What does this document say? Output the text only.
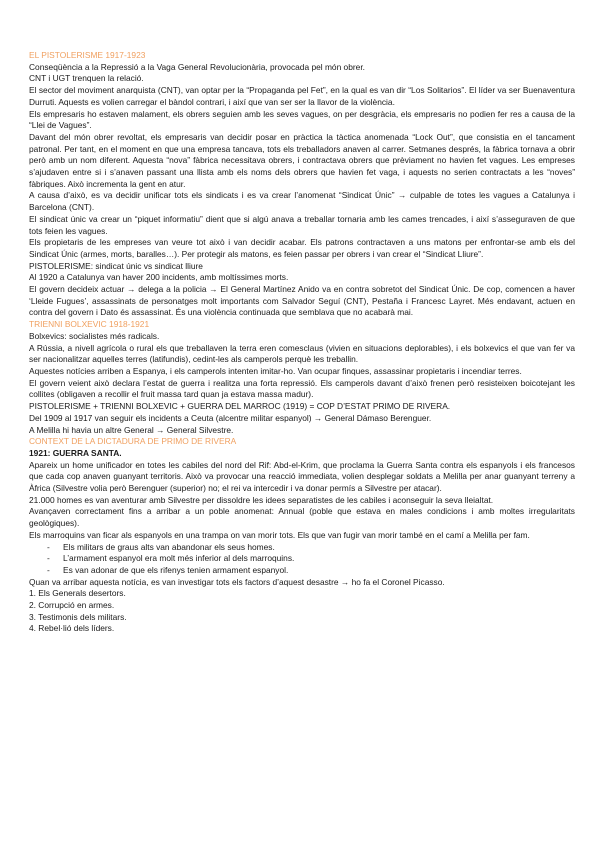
EL PISTOLERISME 1917-1923

Conseqüència a la Repressió a la Vaga General Revolucionària, provocada pel món obrer.

CNT i UGT trenquen la relació.

El sector del moviment anarquista (CNT), van optar per la “Propaganda pel Fet”, en la qual es van dir “Los Solitarios”. El líder va ser Buenaventura Durruti. Aquests es volien carregar el bàndol contrari, i així que van ser ser la llavor de la violència.

Els empresaris ho estaven malament, els obrers seguien amb les seves vagues, on per desgràcia, els empresaris no podien fer res a causa de la “Llei de Vagues”.

Davant del món obrer revoltat, els empresaris van decidir posar en pràctica la tàctica anomenada “Lock Out”, que consistia en el tancament patronal. Per tant, en el moment en que una empresa tancava, tots els treballadors anaven al carrer. Setmanes després, la fàbrica tornava a obrir però amb un nom diferent. Aquesta “nova” fàbrica necessitava obrers, i contractava obrers que prèviament no havien fet vagues. Les empreses s’ajudaven entre si i s’anaven passant una llista amb els noms dels obrers que havien fet vaga, i aquests no serien contractats a les “noves” fàbriques. Això incrementa la gent en atur.

A causa d’això, es va decidir unificar tots els sindicats i es va crear l’anomenat “Sindicat Únic” → culpable de totes les vagues a Catalunya i Barcelona (CNT).

El sindicat únic va crear un “piquet informatiu” dient que si algú anava a treballar tornaria amb les cames trencades, i així s’asseguraven de que tots feien les vagues.

Els propietaris de les empreses van veure tot això i van decidir acabar. Els patrons contractaven a uns matons per enfrontar-se amb els del Sindicat Únic (armes, morts, baralles…). Per protegir als matons, es feien passar per obrers i van crear el “Sindicat Lliure”.

PISTOLERISME: sindicat únic vs sindicat lliure

Al 1920 a Catalunya van haver 200 incidents, amb moltíssimes morts.

El govern decideix actuar → delega a la policia → El General Martínez Anido va en contra sobretot del Sindicat Únic. De cop, comencen a haver ‘Lleide Fugues’, assassinats de personatges molt importants com Salvador Seguí (CNT), Pestaña i Francesc Layret. Més endavant, actuen en contra del govern i Dato és assassinat. És una violència continuada que semblava que no acabarà mai.

TRIENNI BOLXEVIC 1918-1921

Bolxevics: socialistes més radicals.

A Rússia, a nivell agrícola o rural els que treballaven la terra eren comesclaus (vivien en situacions deplorables), i els bolxevics el que van fer va ser nacionalitzar aquelles terres (latifundis), cedint-les als camperols perquè les treballin.

Aquestes notícies arriben a Espanya, i els camperols intenten imitar-ho. Van ocupar finques, assassinar propietaris i incendiar terres.

El govern veient això declara l’estat de guerra i realitza una forta repressió. Els camperols davant d’això frenen però resisteixen boicotejant les collites (obligaven a recollir el fruit massa tard quan ja estava massa madur).

PISTOLERISME + TRIENNI BOLXEVIC + GUERRA DEL MARROC (1919) = COP D’ESTAT PRIMO DE RIVERA.

Del 1909 al 1917 van seguir els incidents a Ceuta (alcentre militar espanyol) → General Dámaso Berenguer.

A Melilla hi havia un altre General → General Silvestre.

CONTEXT DE LA DICTADURA DE PRIMO DE RIVERA

1921: GUERRA SANTA.

Apareix un home unificador en totes les cabiles del nord del Rif: Abd-el-Krim, que proclama la Guerra Santa contra els espanyols i els francesos que cada cop anaven guanyant territoris. Això va provocar una reacció immediata, volien desplegar soldats a Melilla per anar guanyant terreny a Àfrica (Silvestre volia però Berenguer (superior) no; el rei va intercedir i va donar permís a Silvestre per atacar).

21.000 homes es van aventurar amb Silvestre per dissoldre les idees separatistes de les cabiles i aconseguir la seva lleialtat.

Avançaven correctament fins a arribar a un poble anomenat: Annual (poble que estava en males condicions i amb moltes irregularitats geològiques).

Els marroquins van ficar als espanyols en una trampa on van morir tots. Els que van fugir van morir també en el camí a Melilla per fam.

- Els militars de graus alts van abandonar els seus homes.
- L’armament espanyol era molt més inferior al dels marroquins.
- Es van adonar de que els rifenys tenien armament espanyol.

Quan va arribar aquesta notícia, es van investigar tots els factors d’aquest desastre → ho fa el Coronel Picasso.

1. Els Generals desertors.

2. Corrupció en armes.

3. Testimonis dels militars.

4. Rebel·lió dels líders.
